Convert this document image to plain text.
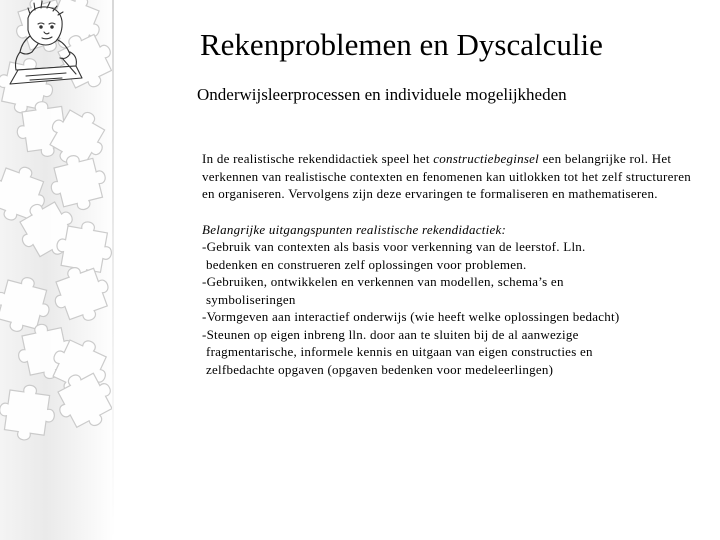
Rekenproblemen en Dyscalculie
Onderwijsleerprocessen en individuele mogelijkheden

In de realistische rekendidactiek speel het constructiebeginsel een belangrijke rol. Het verkennen van realistische contexten en fenomenen kan uitlokken tot het zelf structureren en organiseren. Vervolgens zijn deze ervaringen te formaliseren en mathematiseren.

Belangrijke uitgangspunten realistische rekendidactiek:
-Gebruik van contexten als basis voor verkenning van de leerstof. Lln.
bedenken en construeren zelf oplossingen voor problemen.
-Gebruiken, ontwikkelen en verkennen van modellen, schema’s en
symboliseringen
-Vormgeven aan interactief onderwijs (wie heeft welke oplossingen bedacht)
-Steunen op eigen inbreng lln. door aan te sluiten bij de al aanwezige
fragmentarische, informele kennis en uitgaan van eigen constructies en
zelfbedachte opgaven (opgaven bedenken voor medeleerlingen)
